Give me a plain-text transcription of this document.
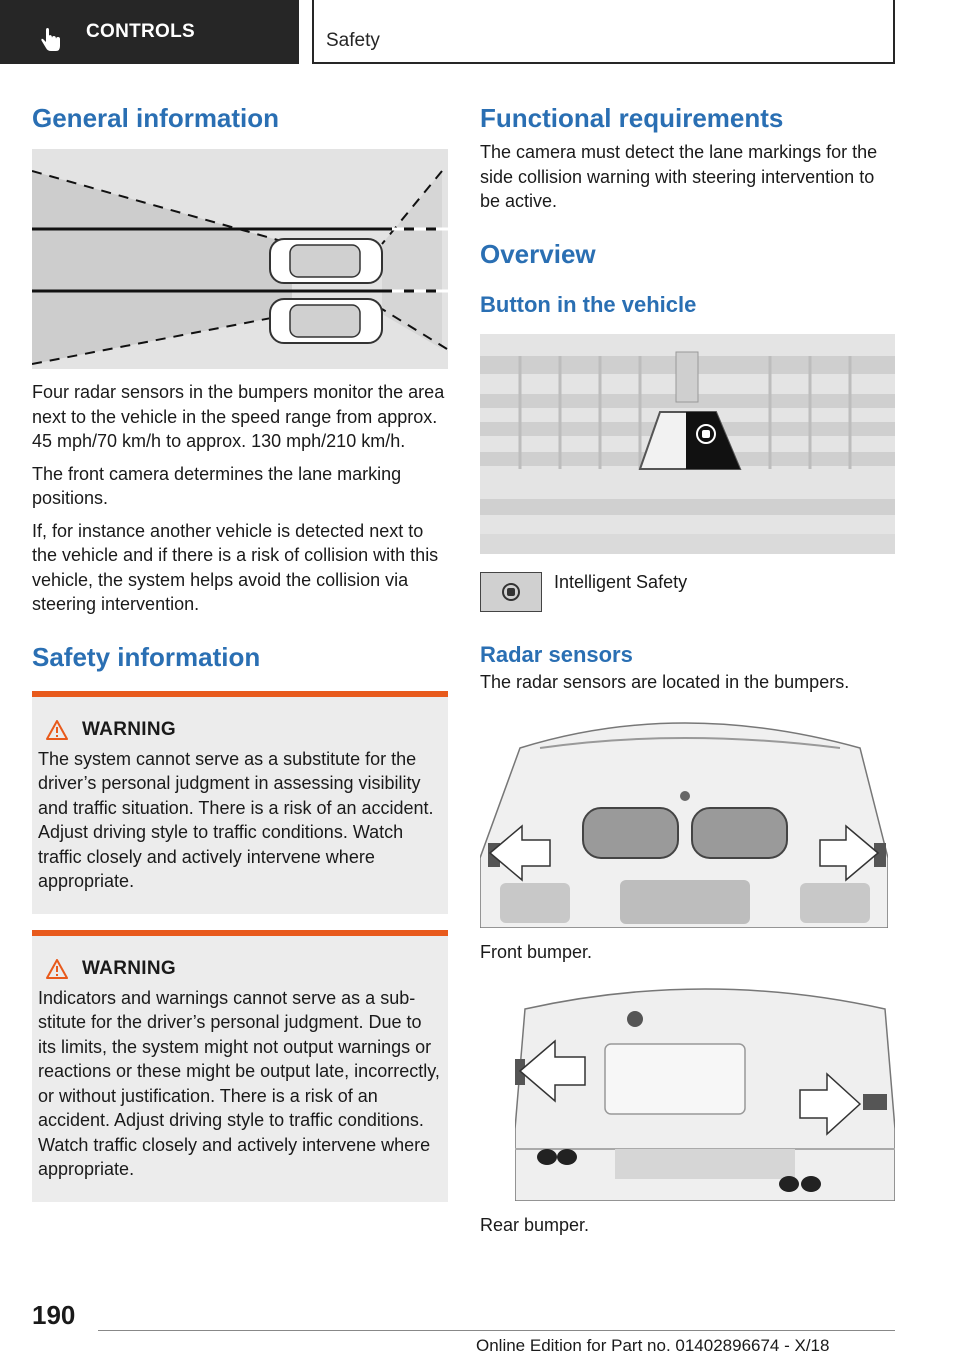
CONTROLS	Safety
General information

Four radar sensors in the bumpers monitor the area next to the vehicle in the speed range from approx. 45 mph/70 km/h to approx. 130 mph/210 km/h.

The front camera determines the lane marking positions.

If, for instance another vehicle is detected next to the vehicle and if there is a risk of collision with this vehicle, the system helps avoid the collision via steering intervention.

Safety information
WARNING

The system cannot serve as a substitute for the driver’s personal judgment in assessing visibility and traffic situation. There is a risk of an accident. Adjust driving style to traffic conditions. Watch traffic closely and actively intervene where appropriate.

WARNING

Indicators and warnings cannot serve as a substitute for the driver’s personal judgment. Due to its limits, the system might not output warnings or reactions or these might be output late, incorrectly, or without justification. There is a risk of an accident. Adjust driving style to traffic conditions. Watch traffic closely and actively intervene where appropriate.

Functional requirements

The camera must detect the lane markings for the side collision warning with steering intervention to be active.

Overview
Button in the vehicle

Intelligent Safety

Radar sensors

The radar sensors are located in the bumpers.

Front bumper.

Rear bumper.

190
Online Edition for Part no. 01402896674 - X/18
